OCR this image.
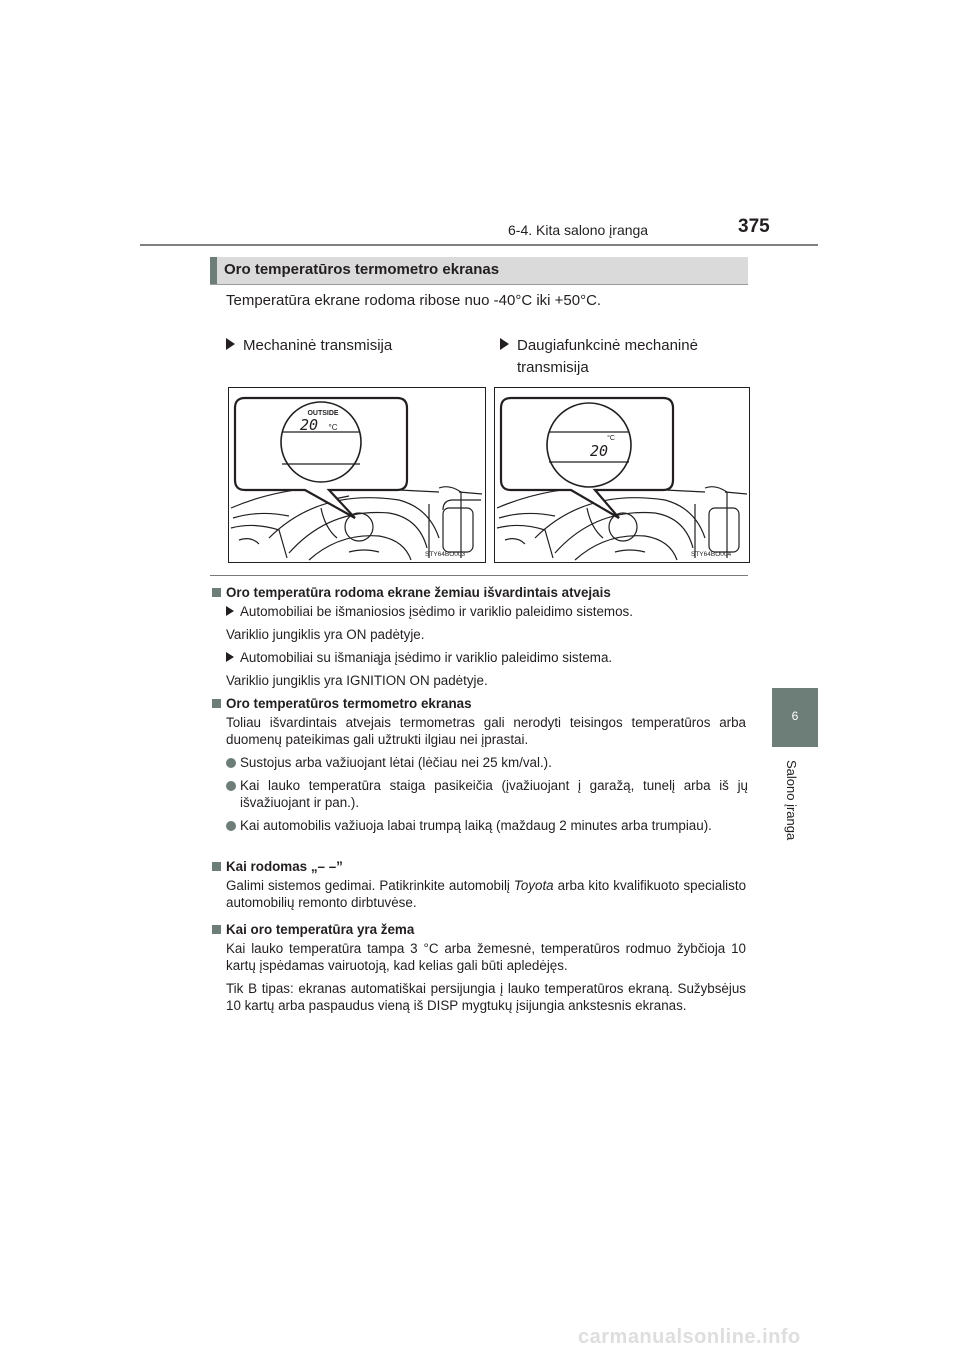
6-4. Kita salono įranga	375
6
Salono įranga
Oro temperatūros termometro ekranas
Temperatūra ekrane rodoma ribose nuo -40°C iki +50°C.
Mechaninė transmisija	Daugiafunkcinė mechaninė
transmisija
OUTSIDE
20 °C
STY64BO003
20
°C
STY64BO004
Oro temperatūra rodoma ekrane žemiau išvardintais atvejais
Automobiliai be išmaniosios įsėdimo ir variklio paleidimo sistemos.
Variklio jungiklis yra ON padėtyje.
Automobiliai su išmaniąja įsėdimo ir variklio paleidimo sistema.
Variklio jungiklis yra IGNITION ON padėtyje.
Oro temperatūros termometro ekranas
Toliau išvardintais atvejais termometras gali nerodyti teisingos temperatūros arba duomenų pateikimas gali užtrukti ilgiau nei įprastai.
Sustojus arba važiuojant lėtai (lėčiau nei 25 km/val.).
Kai lauko temperatūra staiga pasikeičia (įvažiuojant į garažą, tunelį arba iš jų išvažiuojant ir pan.).
Kai automobilis važiuoja labai trumpą laiką (maždaug 2 minutes arba trumpiau).
Kai rodomas „– –”
Galimi sistemos gedimai. Patikrinkite automobilį Toyota arba kito kvalifikuoto specialisto automobilių remonto dirbtuvėse.
Kai oro temperatūra yra žema
Kai lauko temperatūra tampa 3 °C arba žemesnė, temperatūros rodmuo žybčioja 10 kartų įspėdamas vairuotoją, kad kelias gali būti apledėjęs.
Tik B tipas: ekranas automatiškai persijungia į lauko temperatūros ekraną. Sužybsėjus 10 kartų arba paspaudus vieną iš DISP mygtukų įsijungia ankstesnis ekranas.
carmanualsonline.info
